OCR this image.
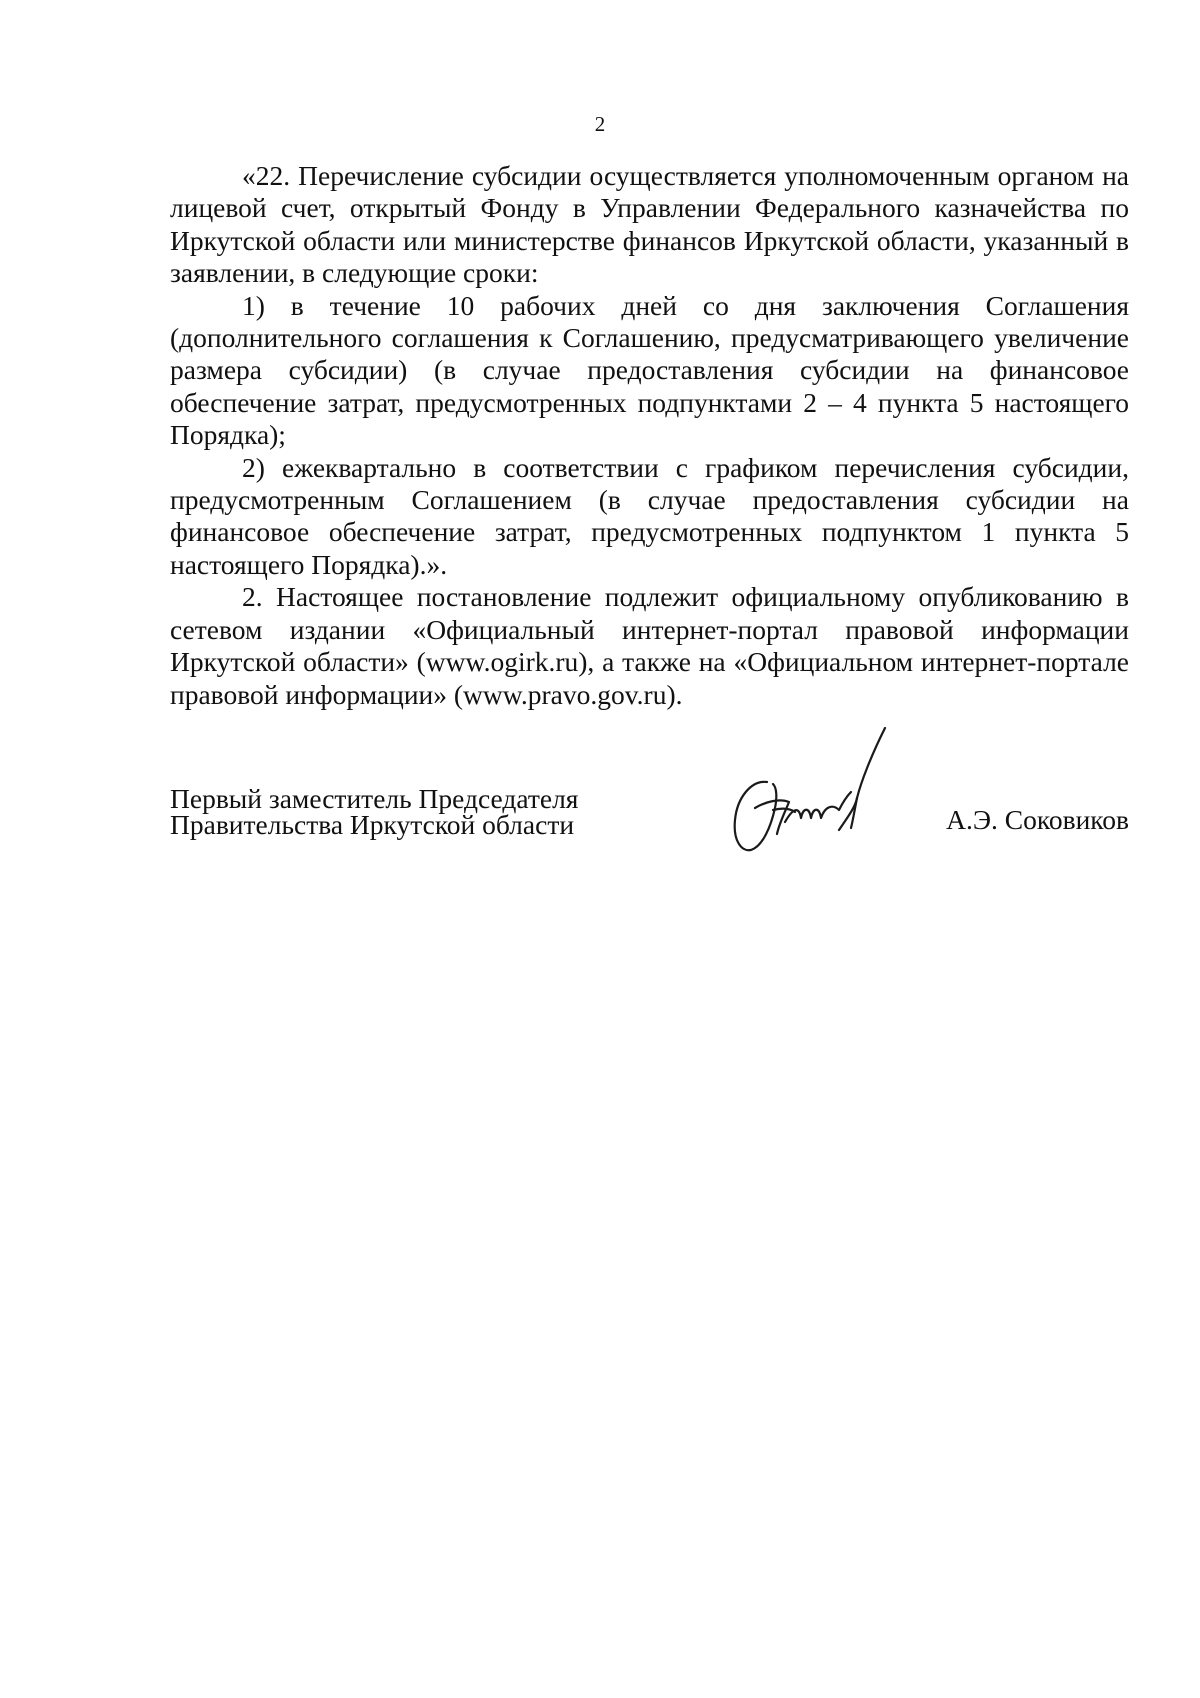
2

«22. Перечисление субсидии осуществляется уполномоченным органом на лицевой счет, открытый Фонду в Управлении Федерального казначейства по Иркутской области или министерстве финансов Иркутской области, указанный в заявлении, в следующие сроки:

1) в течение 10 рабочих дней со дня заключения Соглашения (дополнительного соглашения к Соглашению, предусматривающего увеличение размера субсидии) (в случае предоставления субсидии на финансовое обеспечение затрат, предусмотренных подпунктами 2 – 4 пункта 5 настоящего Порядка);

2) ежеквартально в соответствии с графиком перечисления субсидии, предусмотренным Соглашением (в случае предоставления субсидии на финансовое обеспечение затрат, предусмотренных подпунктом 1 пункта 5 настоящего Порядка).».

2. Настоящее постановление подлежит официальному опубликованию в сетевом издании «Официальный интернет-портал правовой информации Иркутской области» (www.ogirk.ru), а также на «Официальном интернет-портале правовой информации» (www.pravo.gov.ru).

Первый заместитель Председателя
Правительства Иркутской области	А.Э. Соковиков
